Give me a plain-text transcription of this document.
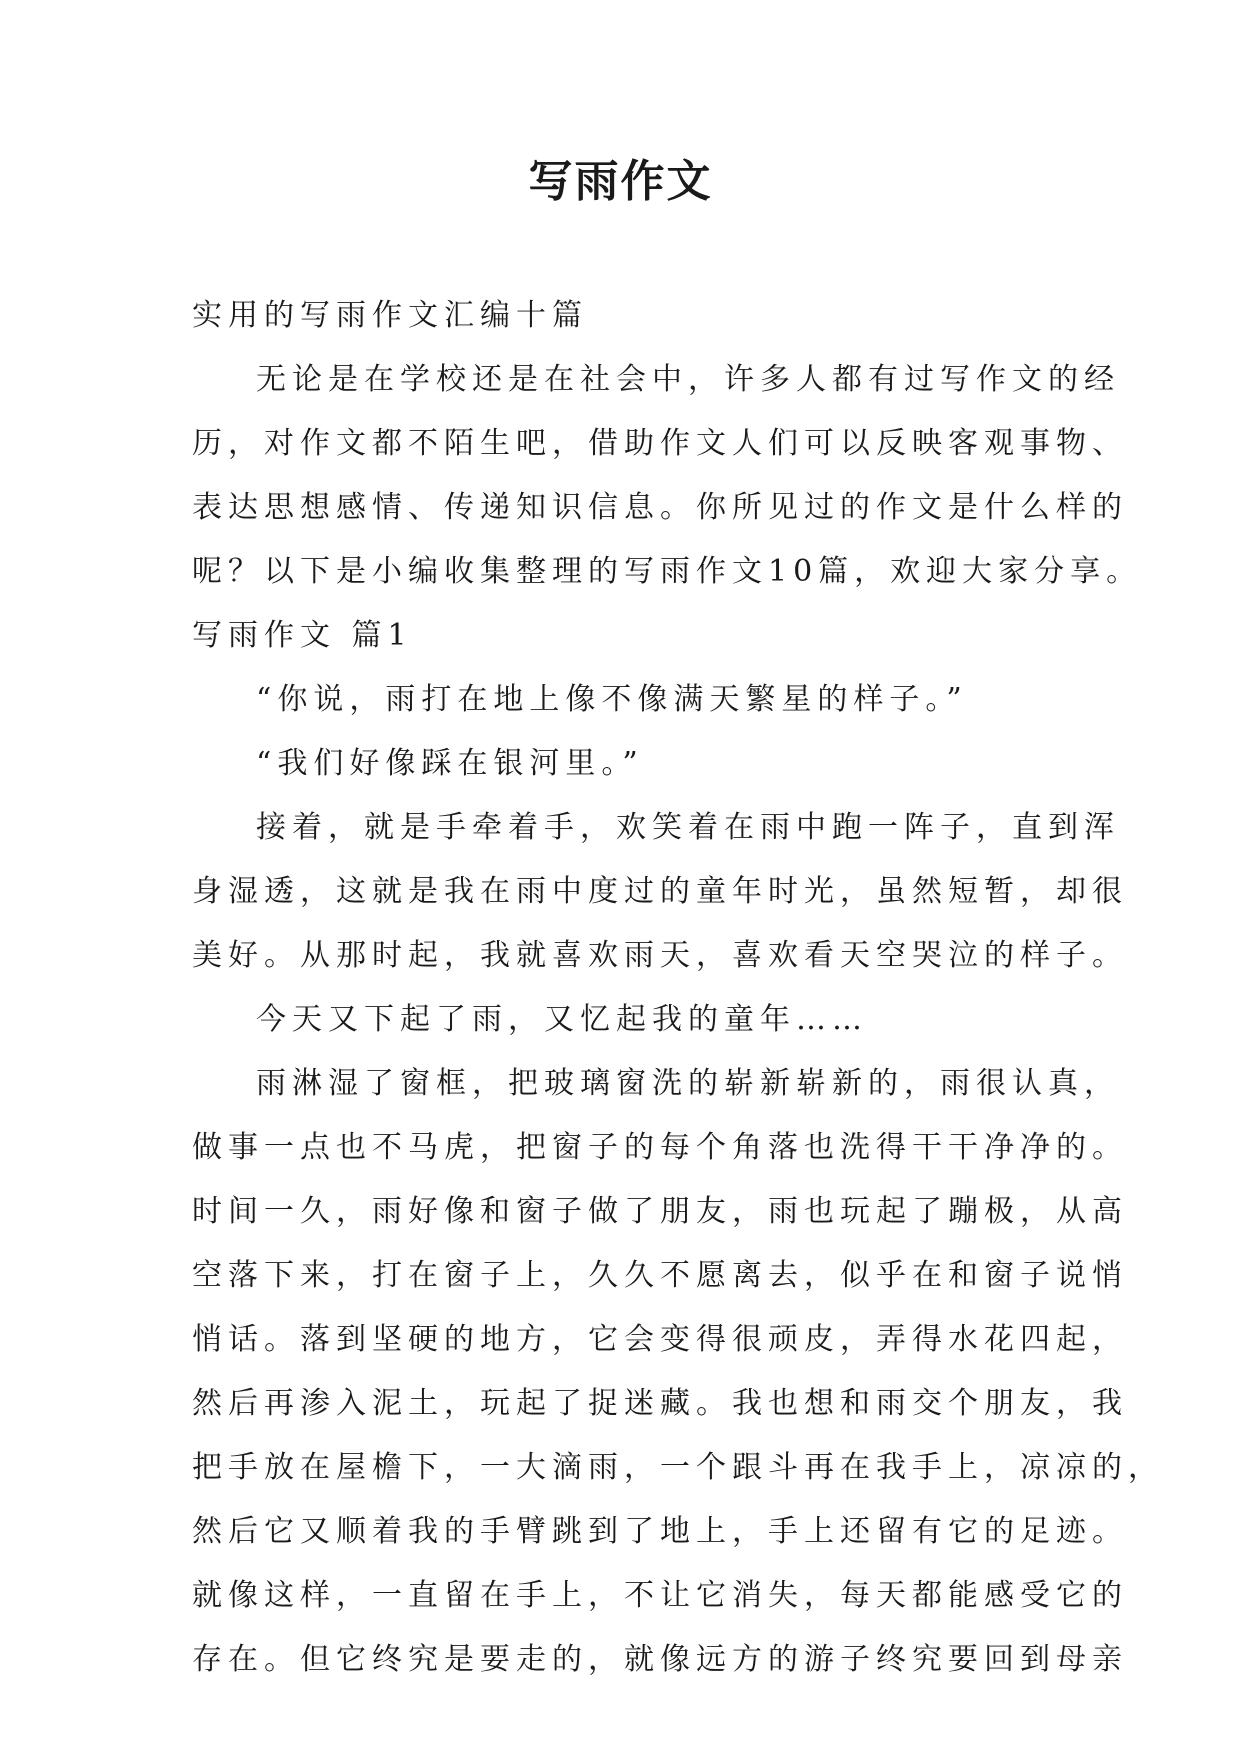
写雨作文
实用的写雨作文汇编十篇
无论是在学校还是在社会中，许多人都有过写作文的经
历，对作文都不陌生吧，借助作文人们可以反映客观事物、
表达思想感情、传递知识信息。你所见过的作文是什么样的
呢？以下是小编收集整理的写雨作文10篇，欢迎大家分享。
写雨作文 篇1
“你说，雨打在地上像不像满天繁星的样子。”
“我们好像踩在银河里。”
接着，就是手牵着手，欢笑着在雨中跑一阵子，直到浑
身湿透，这就是我在雨中度过的童年时光，虽然短暂，却很
美好。从那时起，我就喜欢雨天，喜欢看天空哭泣的样子。
今天又下起了雨，又忆起我的童年……
雨淋湿了窗框，把玻璃窗洗的崭新崭新的，雨很认真，
做事一点也不马虎，把窗子的每个角落也洗得干干净净的。
时间一久，雨好像和窗子做了朋友，雨也玩起了蹦极，从高
空落下来，打在窗子上，久久不愿离去，似乎在和窗子说悄
悄话。落到坚硬的地方，它会变得很顽皮，弄得水花四起，
然后再渗入泥土，玩起了捉迷藏。我也想和雨交个朋友，我
把手放在屋檐下，一大滴雨，一个跟斗再在我手上，凉凉的，
然后它又顺着我的手臂跳到了地上，手上还留有它的足迹。
就像这样，一直留在手上，不让它消失，每天都能感受它的
存在。但它终究是要走的，就像远方的游子终究要回到母亲
